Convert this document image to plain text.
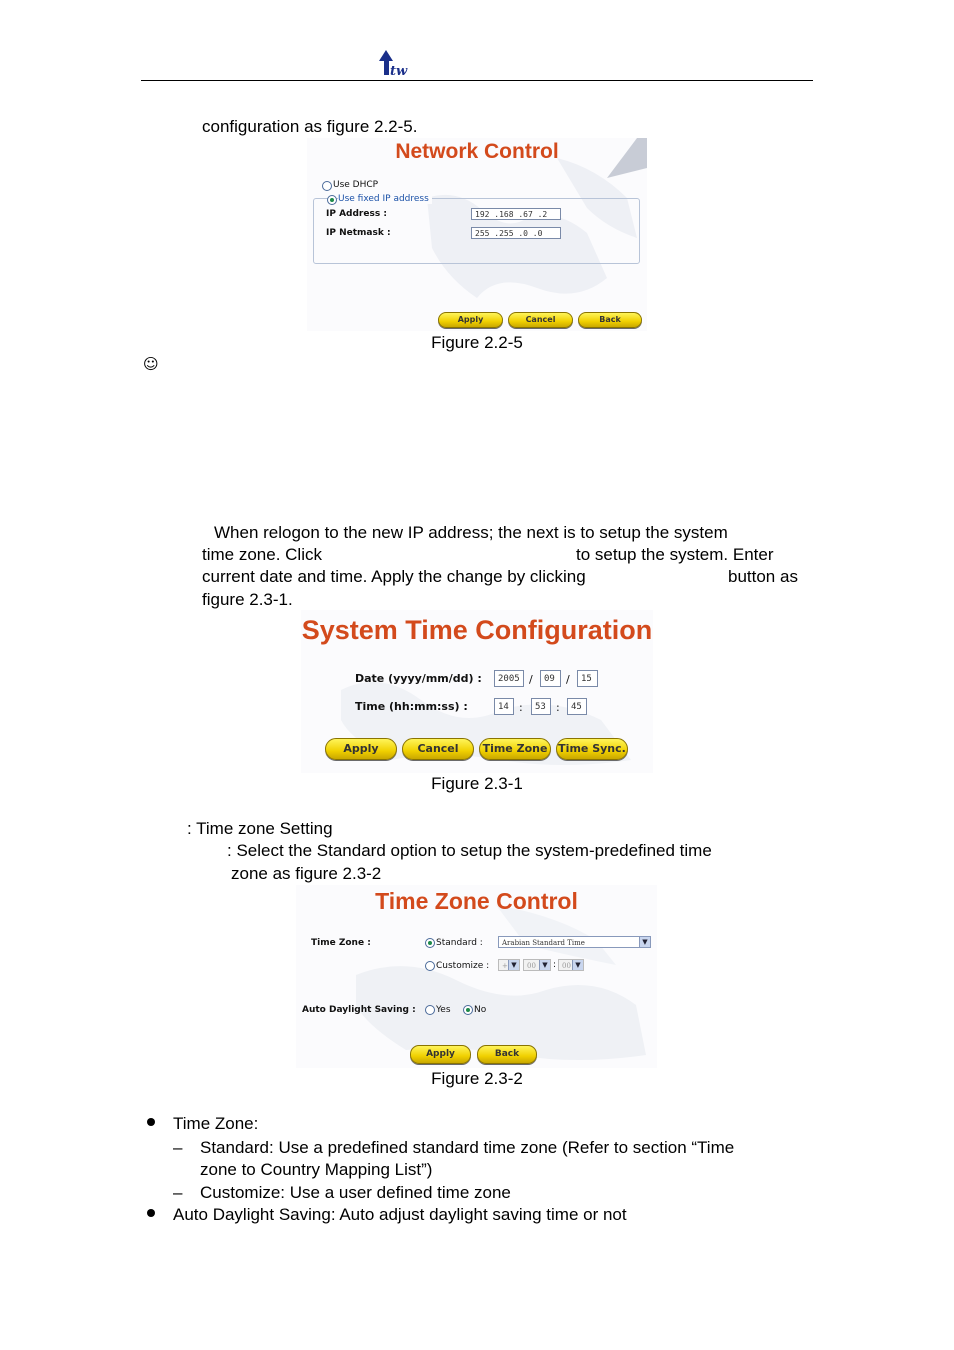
tw
configuration as figure 2.2-5.
Network Control
Use DHCP
Use fixed IP address
IP Address :	192 .168 .67 .2
IP Netmask :	255 .255 .0 .0
Apply	Cancel	Back
Figure 2.2-5
☺
When relogon to the new IP address; the next is to setup the system
time zone. Click	to setup the system. Enter
current date and time. Apply the change by clicking	button as
figure 2.3-1.
System Time Configuration
Date (yyyy/mm/dd) :	2005 /	09	/	15
Time (hh:mm:ss) :	14 :	53 :	45
Apply	Cancel	Time Zone Time Sync.
Figure 2.3-1
: Time zone Setting
: Select the Standard option to setup the system-predefined time
zone as figure 2.3-2
Time Zone Control
Time Zone :	Standard :	Arabian Standard Time	▼
Customize :	+ ▼	00 ▼ : 00 ▼
Auto Daylight Saving : Yes	No
Apply	Back
Figure 2.3-2
Time Zone:
– Standard: Use a predefined standard time zone (Refer to section “Time
zone to Country Mapping List”)
– Customize: Use a user defined time zone
Auto Daylight Saving: Auto adjust daylight saving time or not
